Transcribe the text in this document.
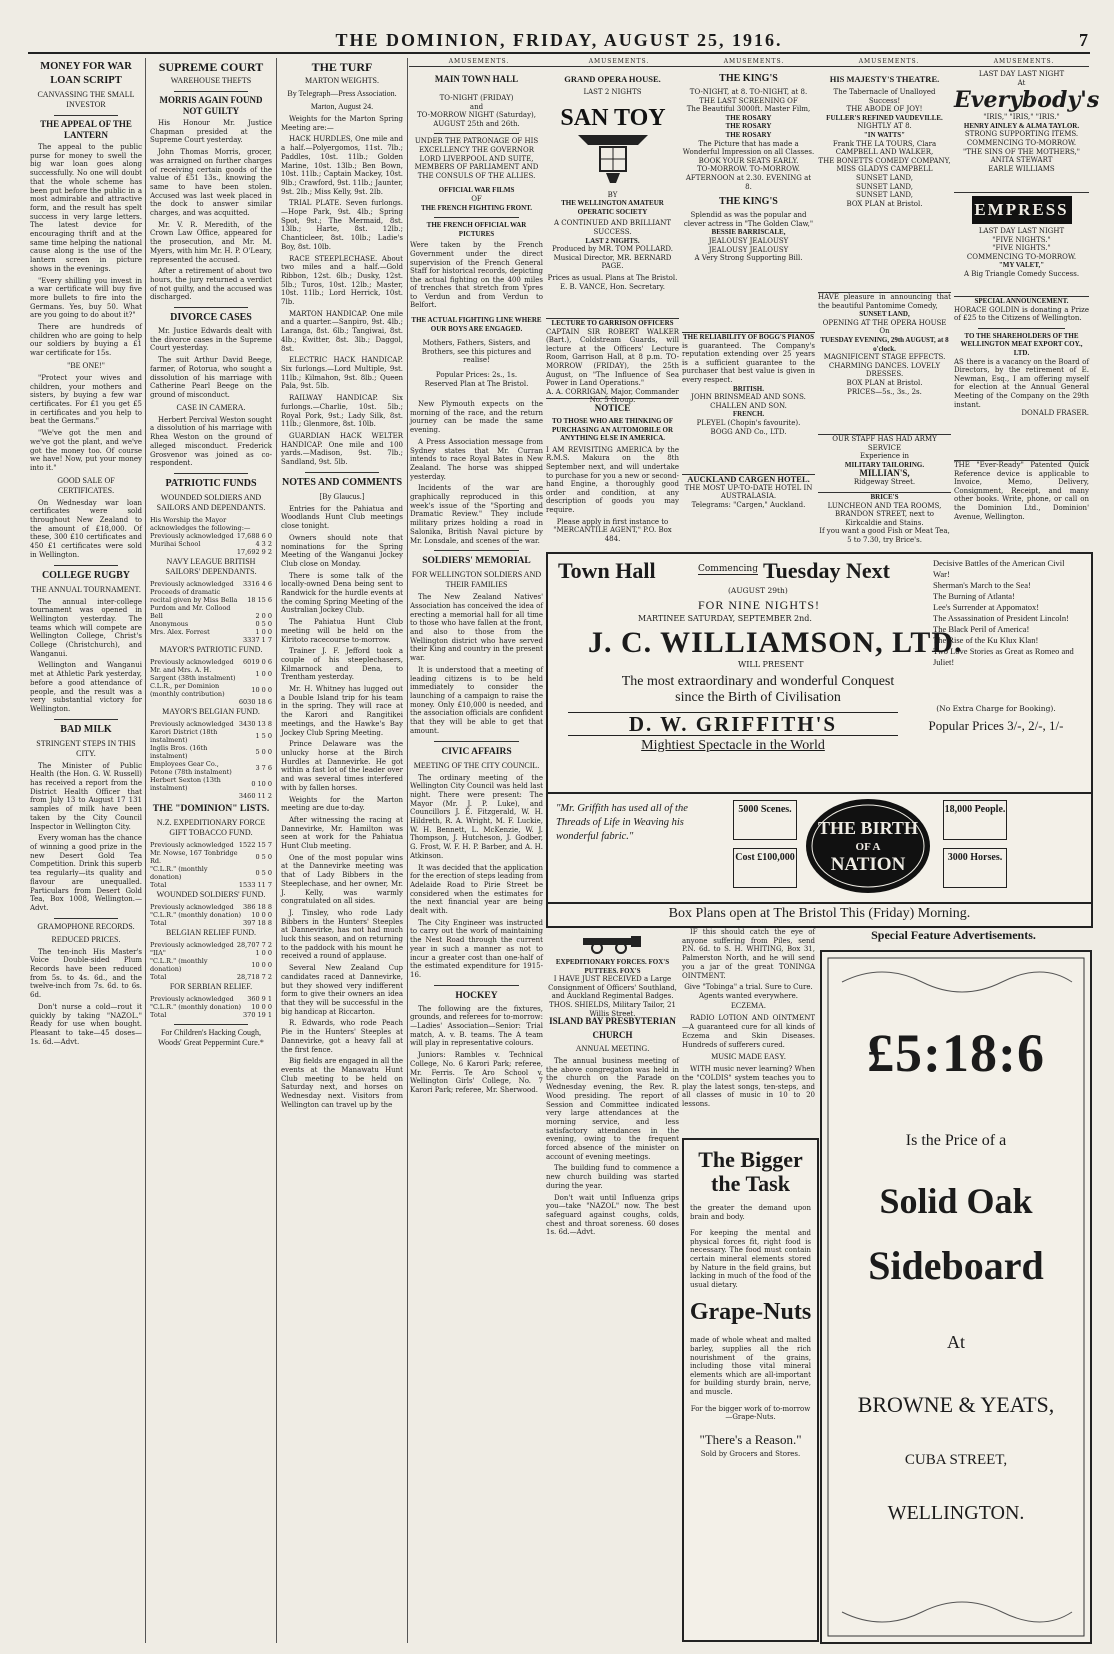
THE DOMINION, FRIDAY, AUGUST 25, 1916.	7
MONEY FOR WAR LOAN SCRIPT
CANVASSING THE SMALL INVESTOR
THE APPEAL OF THE LANTERN

The appeal to the public purse for money to swell the big war loan goes along successfully. No one will doubt that the whole scheme has been put before the public in a most admirable and attractive form, and the result has spelt success in very large letters. The latest device for encouraging thrift and at the same time helping the national cause along is the use of the lantern screen in picture shows in the evenings.

"Every shilling you invest in a war certificate will buy five more bullets to fire into the Germans. Yes, buy 50. What are you going to do about it?"

There are hundreds of children who are going to help our soldiers by buying a £1 war certificate for 15s.

"BE ONE!"

"Protect your wives and children, your mothers and sisters, by buying a few war certificates. For £1 you get £5 in certificates and you help to beat the Germans."

"We've got the men and we've got the plant, and we've got the money too. Of course we have! Now, put your money into it."

GOOD SALE OF CERTIFICATES.

On Wednesday war loan certificates were sold throughout New Zealand to the amount of £18,000. Of these, 300 £10 certificates and 450 £1 certificates were sold in Wellington.

COLLEGE RUGBY
THE ANNUAL TOURNAMENT.

The annual inter-college tournament was opened in Wellington yesterday. The teams which will compete are Wellington College, Christ's College (Christchurch), and Wanganui.

Wellington and Wanganui met at Athletic Park yesterday, before a good attendance of people, and the result was a very substantial victory for Wellington.

BAD MILK
STRINGENT STEPS IN THIS CITY.

The Minister of Public Health (the Hon. G. W. Russell) has received a report from the District Health Officer that from July 13 to August 17 131 samples of milk have been taken by the City Council Inspector in Wellington City.

Every woman has the chance of winning a good prize in the new Desert Gold Tea Competition. Drink this superb tea regularly—its quality and flavour are unequalled. Particulars from Desert Gold Tea, Box 1008, Wellington.—Advt.

GRAMOPHONE RECORDS.
REDUCED PRICES.

The ten-inch His Master's Voice Double-sided Plum Records have been reduced from 5s. to 4s. 6d., and the twelve-inch from 7s. 6d. to 6s. 6d.

Don't nurse a cold—rout it quickly by taking "NAZOL." Ready for use when bought. Pleasant to take—45 doses—1s. 6d.—Advt.

SUPREME COURT
WAREHOUSE THEFTS
MORRIS AGAIN FOUND NOT GUILTY

His Honour Mr. Justice Chapman presided at the Supreme Court yesterday.

John Thomas Morris, grocer, was arraigned on further charges of receiving certain goods of the value of £51 13s., knowing the same to have been stolen. Accused was last week placed in the dock to answer similar charges, and was acquitted.

Mr. V. R. Meredith, of the Crown Law Office, appeared for the prosecution, and Mr. M. Myers, with him Mr. H. P. O'Leary, represented the accused.

After a retirement of about two hours, the jury returned a verdict of not guilty, and the accused was discharged.

DIVORCE CASES

Mr. Justice Edwards dealt with the divorce cases in the Supreme Court yesterday.

The suit Arthur David Beege, farmer, of Rotorua, who sought a dissolution of his marriage with Catherine Pearl Beege on the ground of misconduct.

CASE IN CAMERA.

Herbert Percival Weston sought a dissolution of his marriage with Rhea Weston on the ground of alleged misconduct. Frederick Grosvenor was joined as co-respondent.

PATRIOTIC FUNDS
WOUNDED SOLDIERS AND SAILORS AND DEPENDANTS.
His Worship the Mayor acknowledges the following:—
Previously acknowledged	17,688 6 0
Murihai School	4 3 2
	17,692 9 2
NAVY LEAGUE BRITISH SAILORS' DEPENDANTS.
Previously acknowledged	3316 4 6
Proceeds of dramatic recital given by Miss Bella Purdom and Mr. Collood	18 15 6
Bell	2 0 0
Anonymous	0 5 0
Mrs. Alex. Forrest	1 0 0
	3337 1 7
MAYOR'S PATRIOTIC FUND.
Previously acknowledged	6019 0 6
Mr. and Mrs. A. H. Sargent (38th instalment)	1 0 0
C.L.R., per Dominion (monthly contribution)	10 0 0
	6030 18 6
MAYOR'S BELGIAN FUND.
Previously acknowledged	3430 13 8
Karori District (18th instalment)	1 5 0
Inglis Bros. (16th instalment)	5 0 0
Employees Gear Co., Petone (78th instalment)	3 7 6
Herbert Sexton (13th instalment)	0 10 0
	3460 11 2
THE "DOMINION" LISTS.
N.Z. EXPEDITIONARY FORCE GIFT TOBACCO FUND.
Previously acknowledged	1522 15 7
Mr. Nowse, 167 Tonbridge Rd.	0 5 0
"C.L.R." (monthly donation)	0 5 0
Total	1533 11 7
WOUNDED SOLDIERS' FUND.
Previously acknowledged	386 18 8
"C.L.R." (monthly donation)	10 0 0
Total	397 18 8
BELGIAN RELIEF FUND.
Previously acknowledged	28,707 7 2
"IIA"	1 0 0
"C.L.R." (monthly donation)	10 0 0
Total	28,718 7 2
FOR SERBIAN RELIEF.
Previously acknowledged	360 9 1
"C.L.R." (monthly donation)	10 0 0
Total	370 19 1
For Children's Hacking Cough, Woods' Great Peppermint Cure.*
THE TURF
MARTON WEIGHTS.
By Telegraph—Press Association.
Marton, August 24.

Weights for the Marton Spring Meeting are:—

HACK HURDLES, One mile and a half.—Polyergomos, 11st. 7lb.; Paddles, 10st. 11lb.; Golden Marine, 10st. 13lb.; Ben Bown, 10st. 11lb.; Captain Mackey, 10st. 9lb.; Crawford, 9st. 11lb.; Jaunter, 9st. 2lb.; Miss Kelly, 9st. 2lb.

TRIAL PLATE. Seven furlongs.—Hope Park, 9st. 4lb.; Spring Spot, 9st.; The Mermaid, 8st. 13lb.; Harte, 8st. 12lb.; Chanticleer, 8st. 10lb.; Ladie's Boy, 8st. 10lb.

RACE STEEPLECHASE. About two miles and a half.—Gold Ribbon, 12st. 6lb.; Dusky, 12st. 5lb.; Turos, 10st. 12lb.; Master, 10st. 11lb.; Lord Herrick, 10st. 7lb.

MARTON HANDICAP. One mile and a quarter.—Sanpiro, 9st. 4lb.; Laranga, 8st. 6lb.; Tangiwai, 8st. 4lb.; Kwitter, 8st. 3lb.; Daggol, 8st.

ELECTRIC HACK HANDICAP. Six furlongs.—Lord Multiple, 9st. 11lb.; Kilmahon, 9st. 8lb.; Queen Pala, 9st. 5lb.

RAILWAY HANDICAP. Six furlongs.—Charlie, 10st. 5lb.; Royal Pork, 9st.; Lady Silk, 8st. 11lb.; Glenmore, 8st. 10lb.

GUARDIAN HACK WELTER HANDICAP. One mile and 100 yards.—Madison, 9st. 7lb.; Sandland, 9st. 5lb.

NOTES AND COMMENTS
[By Glaucus.]

Entries for the Pahiatua and Woodlands Hunt Club meetings close tonight.

Owners should note that nominations for the Spring Meeting of the Wanganui Jockey Club close on Monday.

There is some talk of the locally-owned Dena being sent to Randwick for the hurdle events at the coming Spring Meeting of the Australian Jockey Club.

The Pahiatua Hunt Club meeting will be held on the Kiritoto racecourse to-morrow.

Trainer J. F. Jefford took a couple of his steeplechasers, Kilmarnock and Dena, to Trentham yesterday.

Mr. H. Whitney has lugged out a Double Island trip for his team in the spring. They will race at the Karori and Rangitikei meetings, and the Hawke's Bay Jockey Club Spring Meeting.

Prince Delaware was the unlucky horse at the Birch Hurdles at Dannevirke. He got within a fast lot of the leader over and was several times interfered with by fallen horses.

Weights for the Marton meeting are due to-day.

After witnessing the racing at Dannevirke, Mr. Hamilton was seen at work for the Pahiatua Hunt Club meeting.

One of the most popular wins at the Dannevirke meeting was that of Lady Bibbers in the Steeplechase, and her owner, Mr. J. Kelly, was warmly congratulated on all sides.

J. Tinsley, who rode Lady Bibbers in the Hunters' Steeples at Dannevirke, has not had much luck this season, and on returning to the paddock with his mount he received a round of applause.

Several New Zealand Cup candidates raced at Dannevirke, but they showed very indifferent form to give their owners an idea that they will be successful in the big handicap at Riccarton.

R. Edwards, who rode Peach Pie in the Hunters' Steeples at Dannevirke, got a heavy fall at the first fence.

Big fields are engaged in all the events at the Manawatu Hunt Club meeting to be held on Saturday next, and horses on Wednesday next. Visitors from Wellington can travel up by the

AMUSEMENTS.	AMUSEMENTS.	AMUSEMENTS.	AMUSEMENTS.	AMUSEMENTS.
MAIN TOWN HALL
TO-NIGHT (FRIDAY)
and
TO-MORROW NIGHT (Saturday),
AUGUST 25th and 26th.
UNDER THE PATRONAGE OF HIS EXCELLENCY THE GOVERNOR LORD LIVERPOOL AND SUITE, MEMBERS OF PARLIAMENT AND THE CONSULS OF THE ALLIES.
OFFICIAL WAR FILMS
OF
THE FRENCH FIGHTING FRONT.
THE FRENCH OFFICIAL WAR PICTURES
Were taken by the French Government under the direct supervision of the French General Staff for historical records, depicting the actual fighting on the 400 miles of trenches that stretch from Ypres to Verdun and from Verdun to Belfort.
THE ACTUAL FIGHTING LINE WHERE OUR BOYS ARE ENGAGED.
Mothers, Fathers, Sisters, and Brothers, see this pictures and realise!
Popular Prices: 2s., 1s.
Reserved Plan at The Bristol.

New Plymouth expects on the morning of the race, and the return journey can be made the same evening.

A Press Association message from Sydney states that Mr. Curran intends to race Royal Bates in New Zealand. The horse was shipped yesterday.

Incidents of the war are graphically reproduced in this week's issue of the "Sporting and Dramatic Review." They include military prizes holding a road in Salonika, British Naval picture by Mr. Lonsdale, and scenes of the war.

SOLDIERS' MEMORIAL
FOR WELLINGTON SOLDIERS AND THEIR FAMILIES

The New Zealand Natives' Association has conceived the idea of erecting a memorial hall for all time to those who have fallen at the front, and also to those from the Wellington district who have served their King and country in the present war.

It is understood that a meeting of leading citizens is to be held immediately to consider the launching of a campaign to raise the money. Only £10,000 is needed, and the association officials are confident that they will be able to get that amount.

CIVIC AFFAIRS
MEETING OF THE CITY COUNCIL.

The ordinary meeting of the Wellington City Council was held last night. There were present: The Mayor (Mr. J. P. Luke), and Councillors J. E. Fitzgerald, W. H. Hildreth, R. A. Wright, M. F. Luckie, W. H. Bennett, L. McKenzie, W. J. Thompson, J. Hutcheson, J. Godber, G. Frost, W. F. H. P. Barber, and A. H. Atkinson.

It was decided that the application for the erection of steps leading from Adelaide Road to Pirie Street be considered when the estimates for the next financial year are being dealt with.

The City Engineer was instructed to carry out the work of maintaining the Nest Road through the current year in such a manner as not to incur a greater cost than one-half of the estimated expenditure for 1915-16.

HOCKEY

The following are the fixtures, grounds, and referees for to-morrow:—Ladies' Association—Senior: Trial match, A. v. B. teams. The A team will play in representative colours.

Juniors: Rambles v. Technical College, No. 6 Karori Park; referee, Mr. Ferris. Te Aro School v. Wellington Girls' College, No. 7 Karori Park; referee, Mr. Sherwood.

GRAND OPERA HOUSE.
LAST 2 NIGHTS
SAN TOY
BY
THE WELLINGTON AMATEUR OPERATIC SOCIETY
A CONTINUED AND BRILLIANT SUCCESS.
LAST 2 NIGHTS.
Produced by MR. TOM POLLARD. Musical Director, MR. BERNARD PAGE.
Prices as usual. Plans at The Bristol.
E. B. VANCE, Hon. Secretary.
LECTURE TO GARRISON OFFICERS
CAPTAIN SIR ROBERT WALKER (Bart.), Coldstream Guards, will lecture at the Officers' Lecture Room, Garrison Hall, at 8 p.m. TO-MORROW (FRIDAY), the 25th August, on "The Influence of Sea Power in Land Operations."
A. A. CORRIGAN, Major, Commander No. 5 Group.
NOTICE
TO THOSE WHO ARE THINKING OF PURCHASING AN AUTOMOBILE OR ANYTHING ELSE IN AMERICA.
I AM REVISITING AMERICA by the R.M.S. Makura on the 8th September next, and will undertake to purchase for you a new or second-hand Engine, a thoroughly good order and condition, at any description of goods you may require.
Please apply in first instance to "MERCANTILE AGENT," P.O. Box 484.
THE KING'S
TO-NIGHT, at 8. TO-NIGHT, at 8.
THE LAST SCREENING OF
The Beautiful 3000ft. Master Film,
THE ROSARY
THE ROSARY
THE ROSARY
The Picture that has made a Wonderful Impression on all Classes.
BOOK YOUR SEATS EARLY.
TO-MORROW. TO-MORROW.
AFTERNOON at 2.30. EVENING at 8.
THE KING'S
Splendid as was the popular and clever actress in "The Golden Claw,"
BESSIE BARRISCALE,
JEALOUSY JEALOUSY
JEALOUSY JEALOUSY
A Very Strong Supporting Bill.
THE RELIABILITY OF BOGG'S PIANOS
is guaranteed. The Company's reputation extending over 25 years is a sufficient guarantee to the purchaser that best value is given in every respect.
BRITISH.
JOHN BRINSMEAD AND SONS.
CHALLEN AND SON.
FRENCH.
PLEYEL (Chopin's favourite).
BOGG AND Co., LTD.
AUCKLAND CARGEN HOTEL.
THE MOST UP-TO-DATE HOTEL IN AUSTRALASIA.
Telegrams: "Cargen," Auckland.
HIS MAJESTY'S THEATRE.
The Tabernacle of Unalloyed Success!
THE ABODE OF JOY!
FULLER'S REFINED VAUDEVILLE.
NIGHTLY AT 8.
"IN WATTS"
Frank THE LA TOURS, Clara
CAMPBELL AND WALKER,
THE BONETTS COMEDY COMPANY,
MISS GLADYS CAMPBELL
SUNSET LAND,
SUNSET LAND,
SUNSET LAND,
BOX PLAN at Bristol.
HAVE pleasure in announcing that the beautiful Pantomime Comedy,
SUNSET LAND,
OPENING AT THE OPERA HOUSE
On
TUESDAY EVENING, 29th AUGUST, at 8 o'clock.
MAGNIFICENT STAGE EFFECTS. CHARMING DANCES. LOVELY DRESSES.
BOX PLAN at Bristol.
PRICES—5s., 3s., 2s.
OUR STAFF HAS HAD ARMY SERVICE
Experience in
MILITARY TAILORING.
MILLIAN'S,
Ridgeway Street.
BRICE'S
LUNCHEON AND TEA ROOMS, BRANDON STREET, next to Kirkcaldie and Stains.
If you want a good Fish or Meat Tea, 5 to 7.30, try Brice's.
LAST DAY LAST NIGHT
At
Everybody's
"IRIS," "IRIS," "IRIS."
HENRY AINLEY & ALMA TAYLOR.
STRONG SUPPORTING ITEMS.
COMMENCING TO-MORROW.
"THE SINS OF THE MOTHERS,"
ANITA STEWART
EARLE WILLIAMS
EMPRESS
LAST DAY LAST NIGHT
"FIVE NIGHTS."
"FIVE NIGHTS."
COMMENCING TO-MORROW.
"MY VALET,"
A Big Triangle Comedy Success.
SPECIAL ANNOUNCEMENT.
HORACE GOLDIN is donating a Prize of £25 to the Citizens of Wellington.
TO THE SHAREHOLDERS OF THE WELLINGTON MEAT EXPORT COY., LTD.
AS there is a vacancy on the Board of Directors, by the retirement of E. Newman, Esq., I am offering myself for election at the Annual General Meeting of the Company on the 29th instant.
DONALD FRASER.
THE "Ever-Ready" Patented Quick Reference device is applicable to Invoice, Memo, Delivery, Consignment, Receipt, and many other books. Write, phone, or call on the Dominion Ltd., Dominion' Avenue, Wellington.
Town Hall	Commencing Tuesday Next
(AUGUST 29th)
FOR NINE NIGHTS!
MARTINEE SATURDAY, SEPTEMBER 2nd.
J. C. WILLIAMSON, LTD.
WILL PRESENT
The most extraordinary and wonderful Conquest since the Birth of Civilisation
D. W. GRIFFITH'S
Mightiest Spectacle in the World
Decisive Battles of the American Civil War!
Sherman's March to the Sea!
The Burning of Atlanta!
Lee's Surrender at Appomatox!
The Assassination of President Lincoln!
The Black Peril of America!
The Rise of the Ku Klux Klan!
Two Love Stories as Great as Romeo and Juliet!
(No Extra Charge for Booking).
Popular Prices 3/-, 2/-, 1/-
"Mr. Griffith has used all of the Threads of Life in Weaving his wonderful fabric."
5000 Scenes.
Cost £100,000
THE BIRTH
OF A
NATION
18,000 People.
3000 Horses.
Box Plans open at The Bristol This (Friday) Morning.
EXPEDITIONARY FORCES. FOX'S PUTTEES. FOX'S
I HAVE JUST RECEIVED a Large Consignment of Officers' Southland, and Auckland Regimental Badges.
THOS. SHIELDS, Military Tailor, 21 Willis Street.
ISLAND BAY PRESBYTERIAN CHURCH
ANNUAL MEETING.

The annual business meeting of the above congregation was held in the church on the Parade on Wednesday evening, the Rev. R. Wood presiding. The report of Session and Committee indicated very large attendances at the morning service, and less satisfactory attendances in the evening, owing to the frequent forced absence of the minister on account of evening meetings.

The building fund to commence a new church building was started during the year.

Don't wait until Influenza grips you—take "NAZOL" now. The best safeguard against coughs, colds, chest and throat soreness. 60 doses 1s. 6d.—Advt.

IF this should catch the eye of anyone suffering from Piles, send P.N. 6d. to S. H. WHITING, Box 31, Palmerston North, and he will send you a jar of the great TONINGA OINTMENT.

Give "Tobinga" a trial. Sure to Cure.
Agents wanted everywhere.
ECZEMA.

RADIO LOTION AND OINTMENT—A guaranteed cure for all kinds of Eczema and Skin Diseases. Hundreds of sufferers cured.

MUSIC MADE EASY.

WITH music never learning? When the "COLDIS" system teaches you to play the latest songs, ten-steps, and all classes of music in 10 to 20 lessons.

The Bigger the Task
the greater the demand upon brain and body.
For keeping the mental and physical forces fit, right food is necessary. The food must contain certain mineral elements stored by Nature in the field grains, but lacking in much of the food of the usual dietary.
Grape-Nuts
made of whole wheat and malted barley, supplies all the rich nourishment of the grains, including those vital mineral elements which are all-important for building sturdy brain, nerve, and muscle.
For the bigger work of to-morrow —Grape-Nuts.
"There's a Reason."
Sold by Grocers and Stores.
Special Feature Advertisements.
£5:18:6
Is the Price of a
Solid Oak
Sideboard
At
BROWNE & YEATS,
CUBA STREET,
WELLINGTON.
